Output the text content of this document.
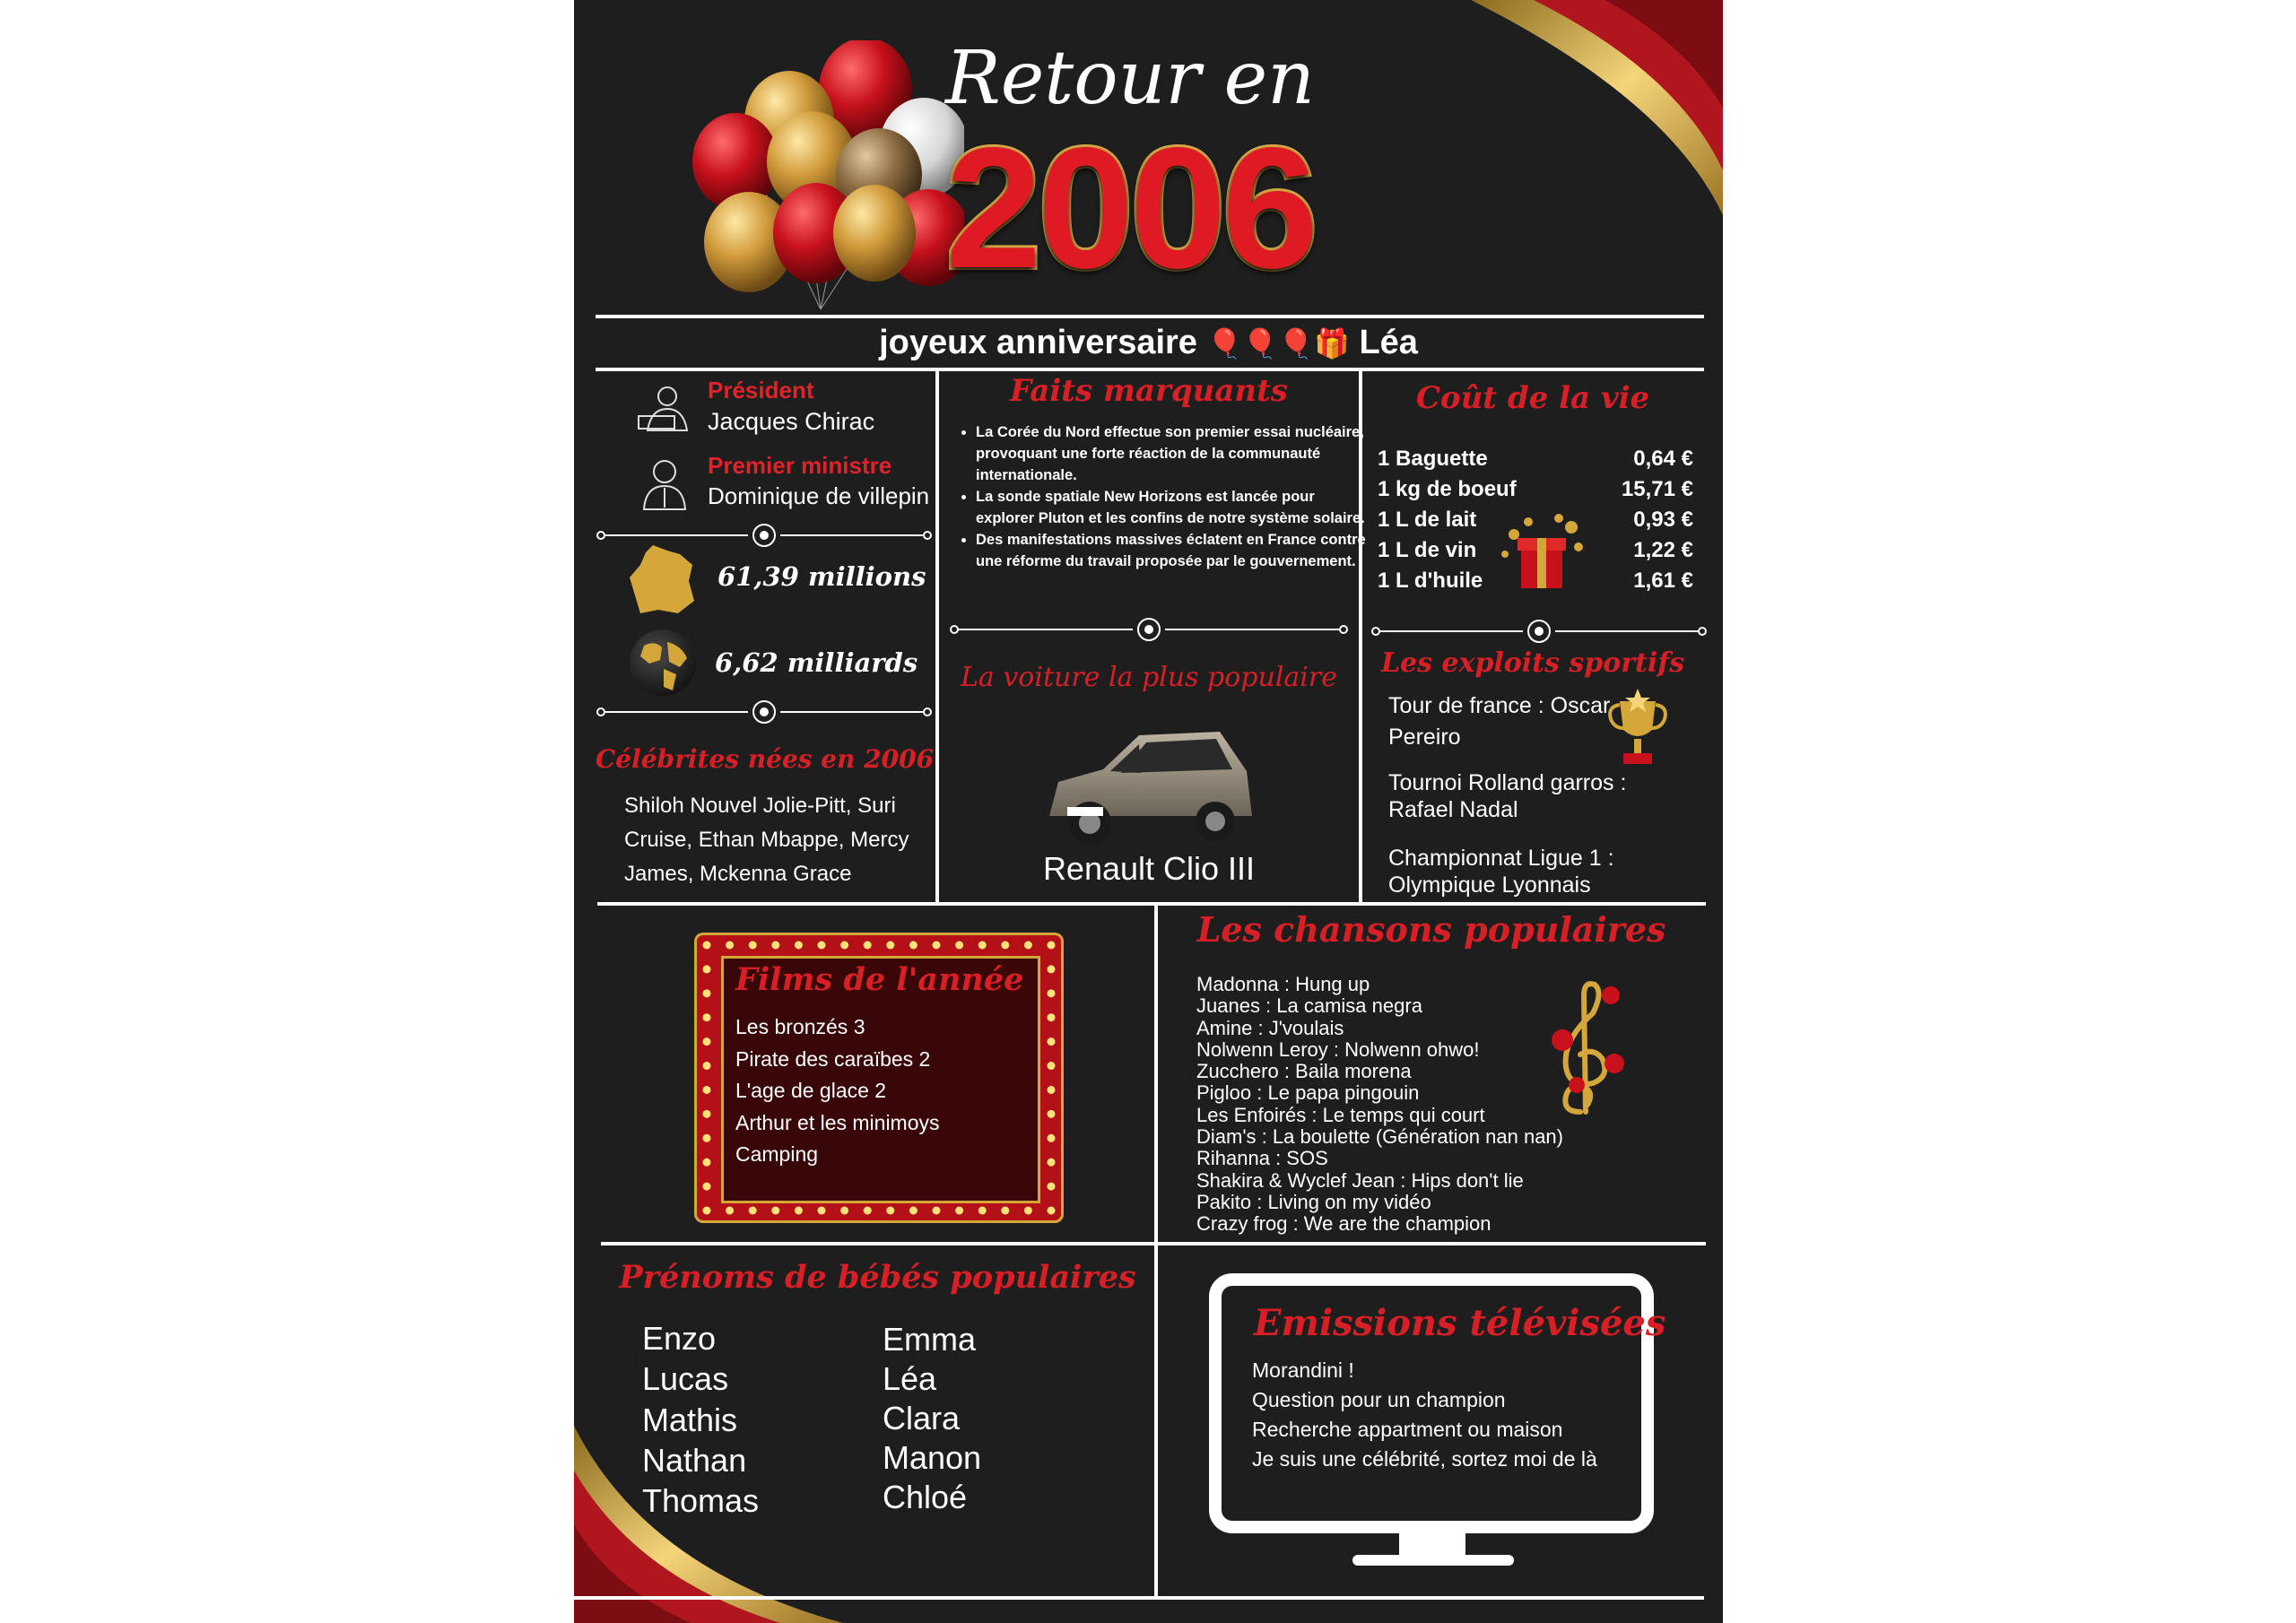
Retour en
2006
joyeux anniversaire 🎈🎈🎈🎁 Léa
Président
Jacques Chirac
Premier ministre
Dominique de villepin
61,39 millions
6,62 milliards
Célébrites nées en 2006
Shiloh Nouvel Jolie-Pitt, Suri Cruise, Ethan Mbappe, Mercy James, Mckenna Grace
Faits marquants
• La Corée du Nord effectue son premier essai nucléaire, provoquant une forte réaction de la communauté internationale.
• La sonde spatiale New Horizons est lancée pour explorer Pluton et les confins de notre système solaire.
• Des manifestations massives éclatent en France contre une réforme du travail proposée par le gouvernement.
La voiture la plus populaire
Renault Clio III
Coût de la vie
1 Baguette	0,64 €
1 kg de boeuf	15,71 €
1 L de lait	0,93 €
1 L de vin	1,22 €
1 L d'huile	1,61 €
Les exploits sportifs
Tour de france : Oscar Pereiro
Tournoi Rolland garros : Rafael Nadal
Championnat Ligue 1 : Olympique Lyonnais
Films de l'année
Les bronzés 3
Pirate des caraïbes 2
L'age de glace 2
Arthur et les minimoys
Camping
Les chansons populaires
Madonna : Hung up
Juanes : La camisa negra
Amine : J'voulais
Nolwenn Leroy : Nolwenn ohwo!
Zucchero : Baila morena
Pigloo : Le papa pingouin
Les Enfoirés : Le temps qui court
Diam's : La boulette (Génération nan nan)
Rihanna : SOS
Shakira & Wyclef Jean : Hips don't lie
Pakito : Living on my vidéo
Crazy frog : We are the champion
Prénoms de bébés populaires
Enzo
Lucas
Mathis
Nathan
Thomas
Emma
Léa
Clara
Manon
Chloé
Emissions télévisées
Morandini !
Question pour un champion
Recherche appartment ou maison
Je suis une célébrité, sortez moi de là
